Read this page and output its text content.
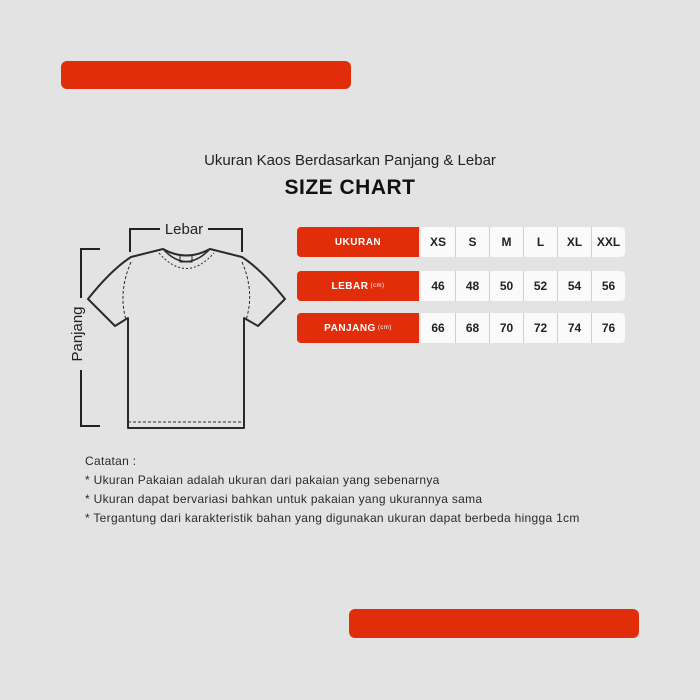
Ukuran Kaos Berdasarkan Panjang & Lebar
SIZE CHART
Lebar
Panjang
UKURAN	XS	S	M	L	XL	XXL
LEBAR (cm)	46	48	50	52	54	56
PANJANG (cm)	66	68	70	72	74	76
Catatan :
* Ukuran Pakaian adalah ukuran dari pakaian yang sebenarnya
* Ukuran dapat bervariasi bahkan untuk pakaian yang ukurannya sama
* Tergantung dari karakteristik bahan yang digunakan ukuran dapat berbeda hingga 1cm
